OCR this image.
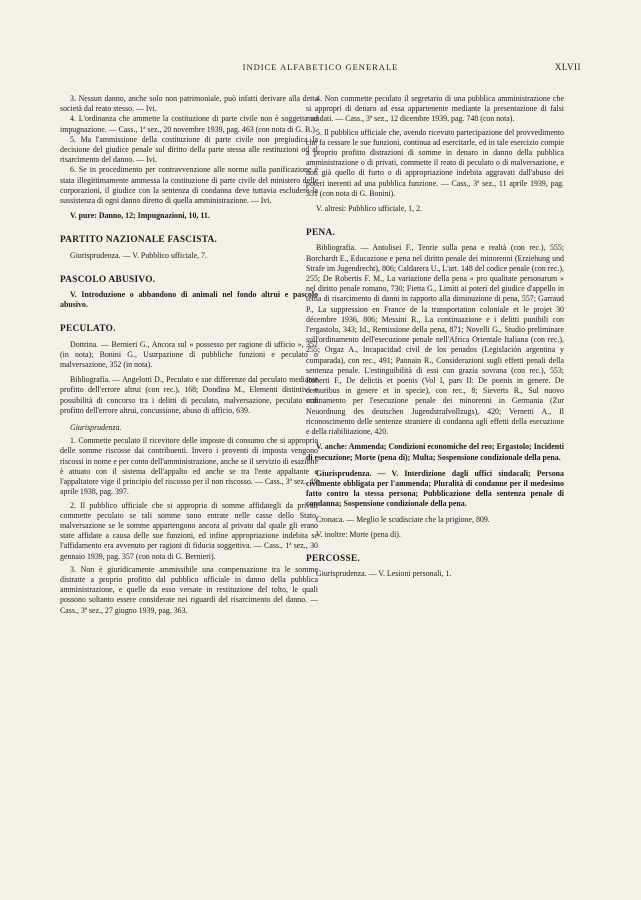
INDICE ALFABETICO GENERALE	XLVII

3. Nessun danno, anche solo non patrimoniale, può infatti derivare alla detta società dal reato stesso. — Ivi.

4. L'ordinanza che ammette la costituzione di parte civile non è soggetta ad impugnazione. — Cass., 1ª sez., 20 novembre 1939, pag. 463 (con nota di G. B.).

5. Ma l'ammissione della costituzione di parte civile non pregiudica la decisione del giudice penale sul diritto della parte stessa alle restituzioni od al risarcimento del danno. — Ivi.

6. Se in procedimento per contravvenzione alle norme sulla panificazione è stata illegittimamente ammessa la costituzione di parte civile del ministero delle corporazioni, il giudice con la sentenza di condanna deve tuttavia escludere la sussistenza di ogni danno diretto di quella amministrazione. — Ivi.

V. pure: Danno, 12; Impugnazioni, 10, 11.

PARTITO NAZIONALE FASCISTA.

Giurisprudenza. — V. Pubblico ufficiale, 7.

PASCOLO ABUSIVO.

V. Introduzione o abbandono di animali nel fondo altrui e pascolo abusivo.

PECULATO.

Dottrina. — Bernieri G., Ancora sul « possesso per ragione di ufficio », 357 (in nota); Bonini G., Usurpazione di pubbliche funzioni e peculato o malversazione, 352 (in nota).

Bibliografia. — Angelotti D., Peculato e sue differenze dal peculato mediante profitto dell'errore altrui (con rec.), 168; Dondina M., Elementi distintivi e possibilità di concorso tra i delitti di peculato, malversazione, peculato con profitto dell'errore altrui, concussione, abuso di ufficio, 639.

Giurisprudenza.

1. Commette peculato il ricevitore delle imposte di consumo che si appropria delle somme riscosse dai contribuenti. Invero i proventi di imposta vengono riscossi in nome e per conto dell'amministrazione, anche se il servizio di esazione è attuato con il sistema dell'appalto ed anche se tra l'ente appaltante e l'appaltatore vige il principio del riscosso per il non riscosso. — Cass., 3ª sez., 19 aprile 1938, pag. 397.

2. Il pubblico ufficiale che si appropria di somme affidategli da privati commette peculato se tali somme sono entrate nelle casse dello Stato, malversazione se le somme appartengono ancora al privato dal quale gli erano state affidate a causa delle sue funzioni, ed infine appropriazione indebita se l'affidamento era avvenuto per ragioni di fiducia soggettiva. — Cass., 1ª sez., 30 gennaio 1939, pag. 357 (con nota di G. Bernieri).

3. Non è giuridicamente ammissibile una compensazione tra le somme distratte a proprio profitto dal pubblico ufficiale in danno della pubblica amministrazione, e quelle da esso versate in restituzione del tolto, le quali possono soltanto essere considerate nei riguardi del risarcimento del danno. — Cass., 3ª sez., 27 giugno 1939, pag. 363.

4. Non commette peculato il segretario di una pubblica amministrazione che si appropri di denaro ad essa appartenente mediante la presentazione di falsi mandati. — Cass., 3ª sez., 12 dicembre 1939, pag. 748 (con nota).

5. Il pubblico ufficiale che, avendo ricevuto partecipazione del provvedimento che fa cessare le sue funzioni, continua ad esercitarle, ed in tale esercizio compie a proprio profitto distrazioni di somme in denaro in danno della pubblica amministrazione o di privati, commette il reato di peculato o di malversazione, e non già quello di furto o di appropriazione indebita aggravati dall'abuso dei poteri inerenti ad una pubblica funzione. — Cass., 3ª sez., 11 aprile 1939, pag. 351 (con nota di G. Bonini).

V. altresì: Pubblico ufficiale, 1, 2.

PENA.

Bibliografia. — Antolisei F., Teorie sulla pena e realtà (con rec.), 555; Borchardt E., Educazione e pena nel diritto penale dei minorenni (Erziehung und Strafe im Jugendrecht), 806; Caldarera U., L'art. 148 del codice penale (con rec.), 255; De Robertis F. M., La variazione della pena « pro qualitate personarum » nel diritto penale romano, 730; Fietta G., Limiti ai poteri del giudice d'appello in tema di risarcimento di danni in rapporto alla diminuzione di pena, 557; Garraud P., La suppression en France de la transportation coloniale et le projet 30 décembre 1936, 806; Messini R., La continuazione e i delitti punibili con l'ergastolo, 343; Id., Remissione della pena, 871; Novelli G., Studio preliminare sull'ordinamento dell'esecuzione penale nell'Africa Orientale Italiana (con rec.), 255; Orgaz A., Incapacidad civil de los penados (Legislación argentina y comparada), con rec., 491; Pannain R., Considerazioni sugli effetti penali della sentenza penale. L'estinguibilità di essi con grazia sovrana (con rec.), 553; Roberti F., De delictis et poenis (Vol I, pars II: De poenis in genere. De censuribus in genere et in specie), con rec., 8; Sieverts R., Sul nuovo ordinamento per l'esecuzione penale dei minorenni in Germania (Zur Neuordnung des deutschen Jugendstrafvollzugs), 420; Vernetti A., Il riconoscimento delle sentenze straniere di condanna agli effetti della esecuzione e della riabilitazione, 420.

V. anche: Ammenda; Condizioni economiche del reo; Ergastolo; Incidenti di esecuzione; Morte (pena di); Multa; Sospensione condizionale della pena.

Giurisprudenza. — V. Interdizione dagli uffici sindacali; Persona civilmente obbligata per l'ammenda; Pluralità di condanne per il medesimo fatto contro la stessa persona; Pubblicazione della sentenza penale di condanna; Sospensione condizionale della pena.

Cronaca. — Meglio le scudisciate che la prigione, 809.

V. inoltre: Morte (pena di).

PERCOSSE.

Giurisprudenza. — V. Lesioni personali, 1.
